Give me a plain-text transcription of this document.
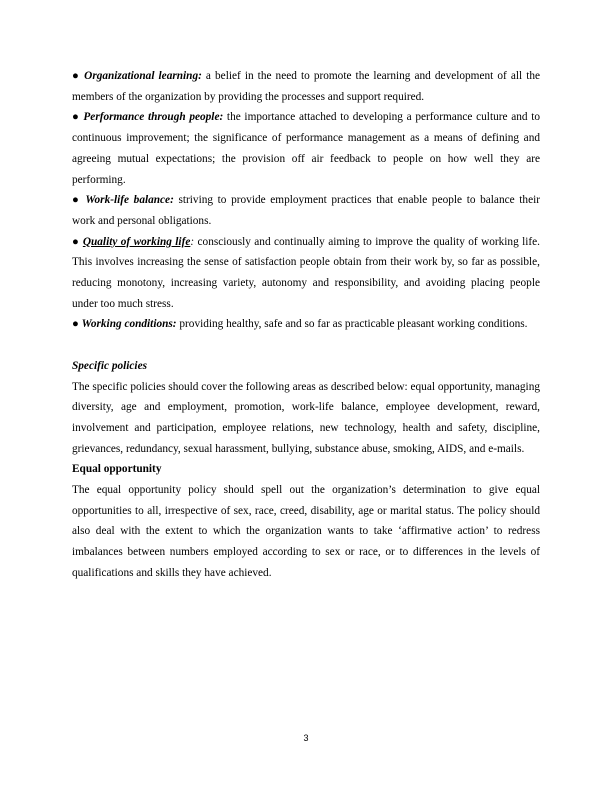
● Organizational learning: a belief in the need to promote the learning and development of all the members of the organization by providing the processes and support required.

● Performance through people: the importance attached to developing a performance culture and to continuous improvement; the significance of performance management as a means of defining and agreeing mutual expectations; the provision off air feedback to people on how well they are performing.

● Work-life balance: striving to provide employment practices that enable people to balance their work and personal obligations.

● Quality of working life: consciously and continually aiming to improve the quality of working life. This involves increasing the sense of satisfaction people obtain from their work by, so far as possible, reducing monotony, increasing variety, autonomy and responsibility, and avoiding placing people under too much stress.

● Working conditions: providing healthy, safe and so far as practicable pleasant working conditions.

Specific policies

The specific policies should cover the following areas as described below: equal opportunity, managing diversity, age and employment, promotion, work-life balance, employee development, reward, involvement and participation, employee relations, new technology, health and safety, discipline, grievances, redundancy, sexual harassment, bullying, substance abuse, smoking, AIDS, and e-mails.

Equal opportunity

The equal opportunity policy should spell out the organization’s determination to give equal opportunities to all, irrespective of sex, race, creed, disability, age or marital status. The policy should also deal with the extent to which the organization wants to take ‘affirmative action’ to redress imbalances between numbers employed according to sex or race, or to differences in the levels of qualifications and skills they have achieved.

3
